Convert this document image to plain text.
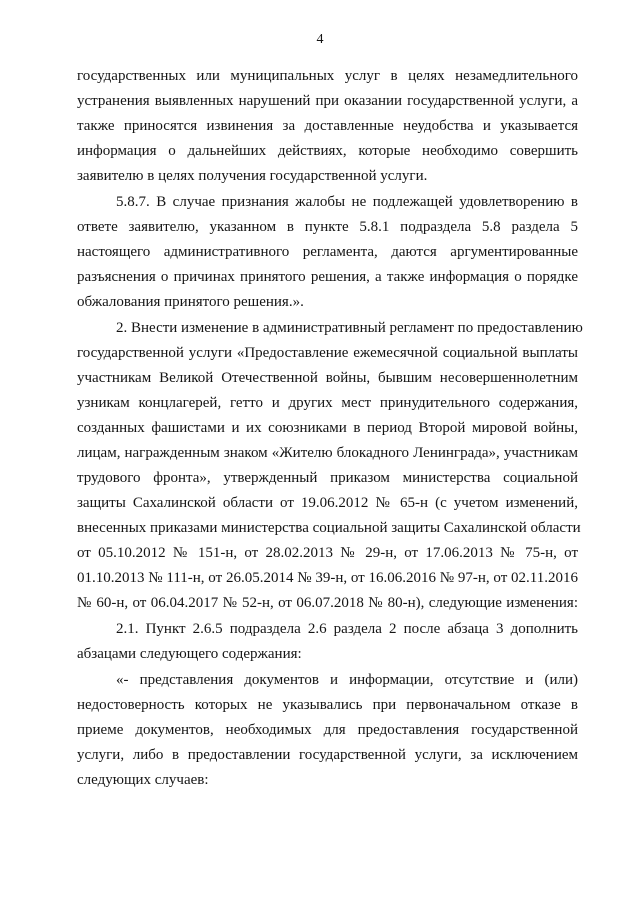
4
государственных или муниципальных услуг в целях незамедлительного
устранения выявленных нарушений при оказании государственной услуги, а
также приносятся извинения за доставленные неудобства и указывается
информация о дальнейших действиях, которые необходимо совершить
заявителю в целях получения государственной услуги.
5.8.7. В случае признания жалобы не подлежащей удовлетворению в
ответе заявителю, указанном в пункте 5.8.1 подраздела 5.8 раздела 5
настоящего административного регламента, даются аргументированные
разъяснения о причинах принятого решения, а также информация о порядке
обжалования принятого решения.».
2. Внести изменение в административный регламент по предоставлению
государственной услуги «Предоставление ежемесячной социальной выплаты
участникам Великой Отечественной войны, бывшим несовершеннолетним
узникам концлагерей, гетто и других мест принудительного содержания,
созданных фашистами и их союзниками в период Второй мировой войны,
лицам, награжденным знаком «Жителю блокадного Ленинграда», участникам
трудового фронта», утвержденный приказом министерства социальной
защиты Сахалинской области от 19.06.2012 № 65-н (с учетом изменений,
внесенных приказами министерства социальной защиты Сахалинской области
от 05.10.2012 № 151-н, от 28.02.2013 № 29-н, от 17.06.2013 № 75-н, от
01.10.2013 № 111-н, от 26.05.2014 № 39-н, от 16.06.2016 № 97-н, от 02.11.2016
№ 60-н, от 06.04.2017 № 52-н, от 06.07.2018 № 80-н), следующие изменения:
2.1. Пункт 2.6.5 подраздела 2.6 раздела 2 после абзаца 3 дополнить
абзацами следующего содержания:
«- представления документов и информации, отсутствие и (или)
недостоверность которых не указывались при первоначальном отказе в
приеме документов, необходимых для предоставления государственной
услуги, либо в предоставлении государственной услуги, за исключением
следующих случаев:
